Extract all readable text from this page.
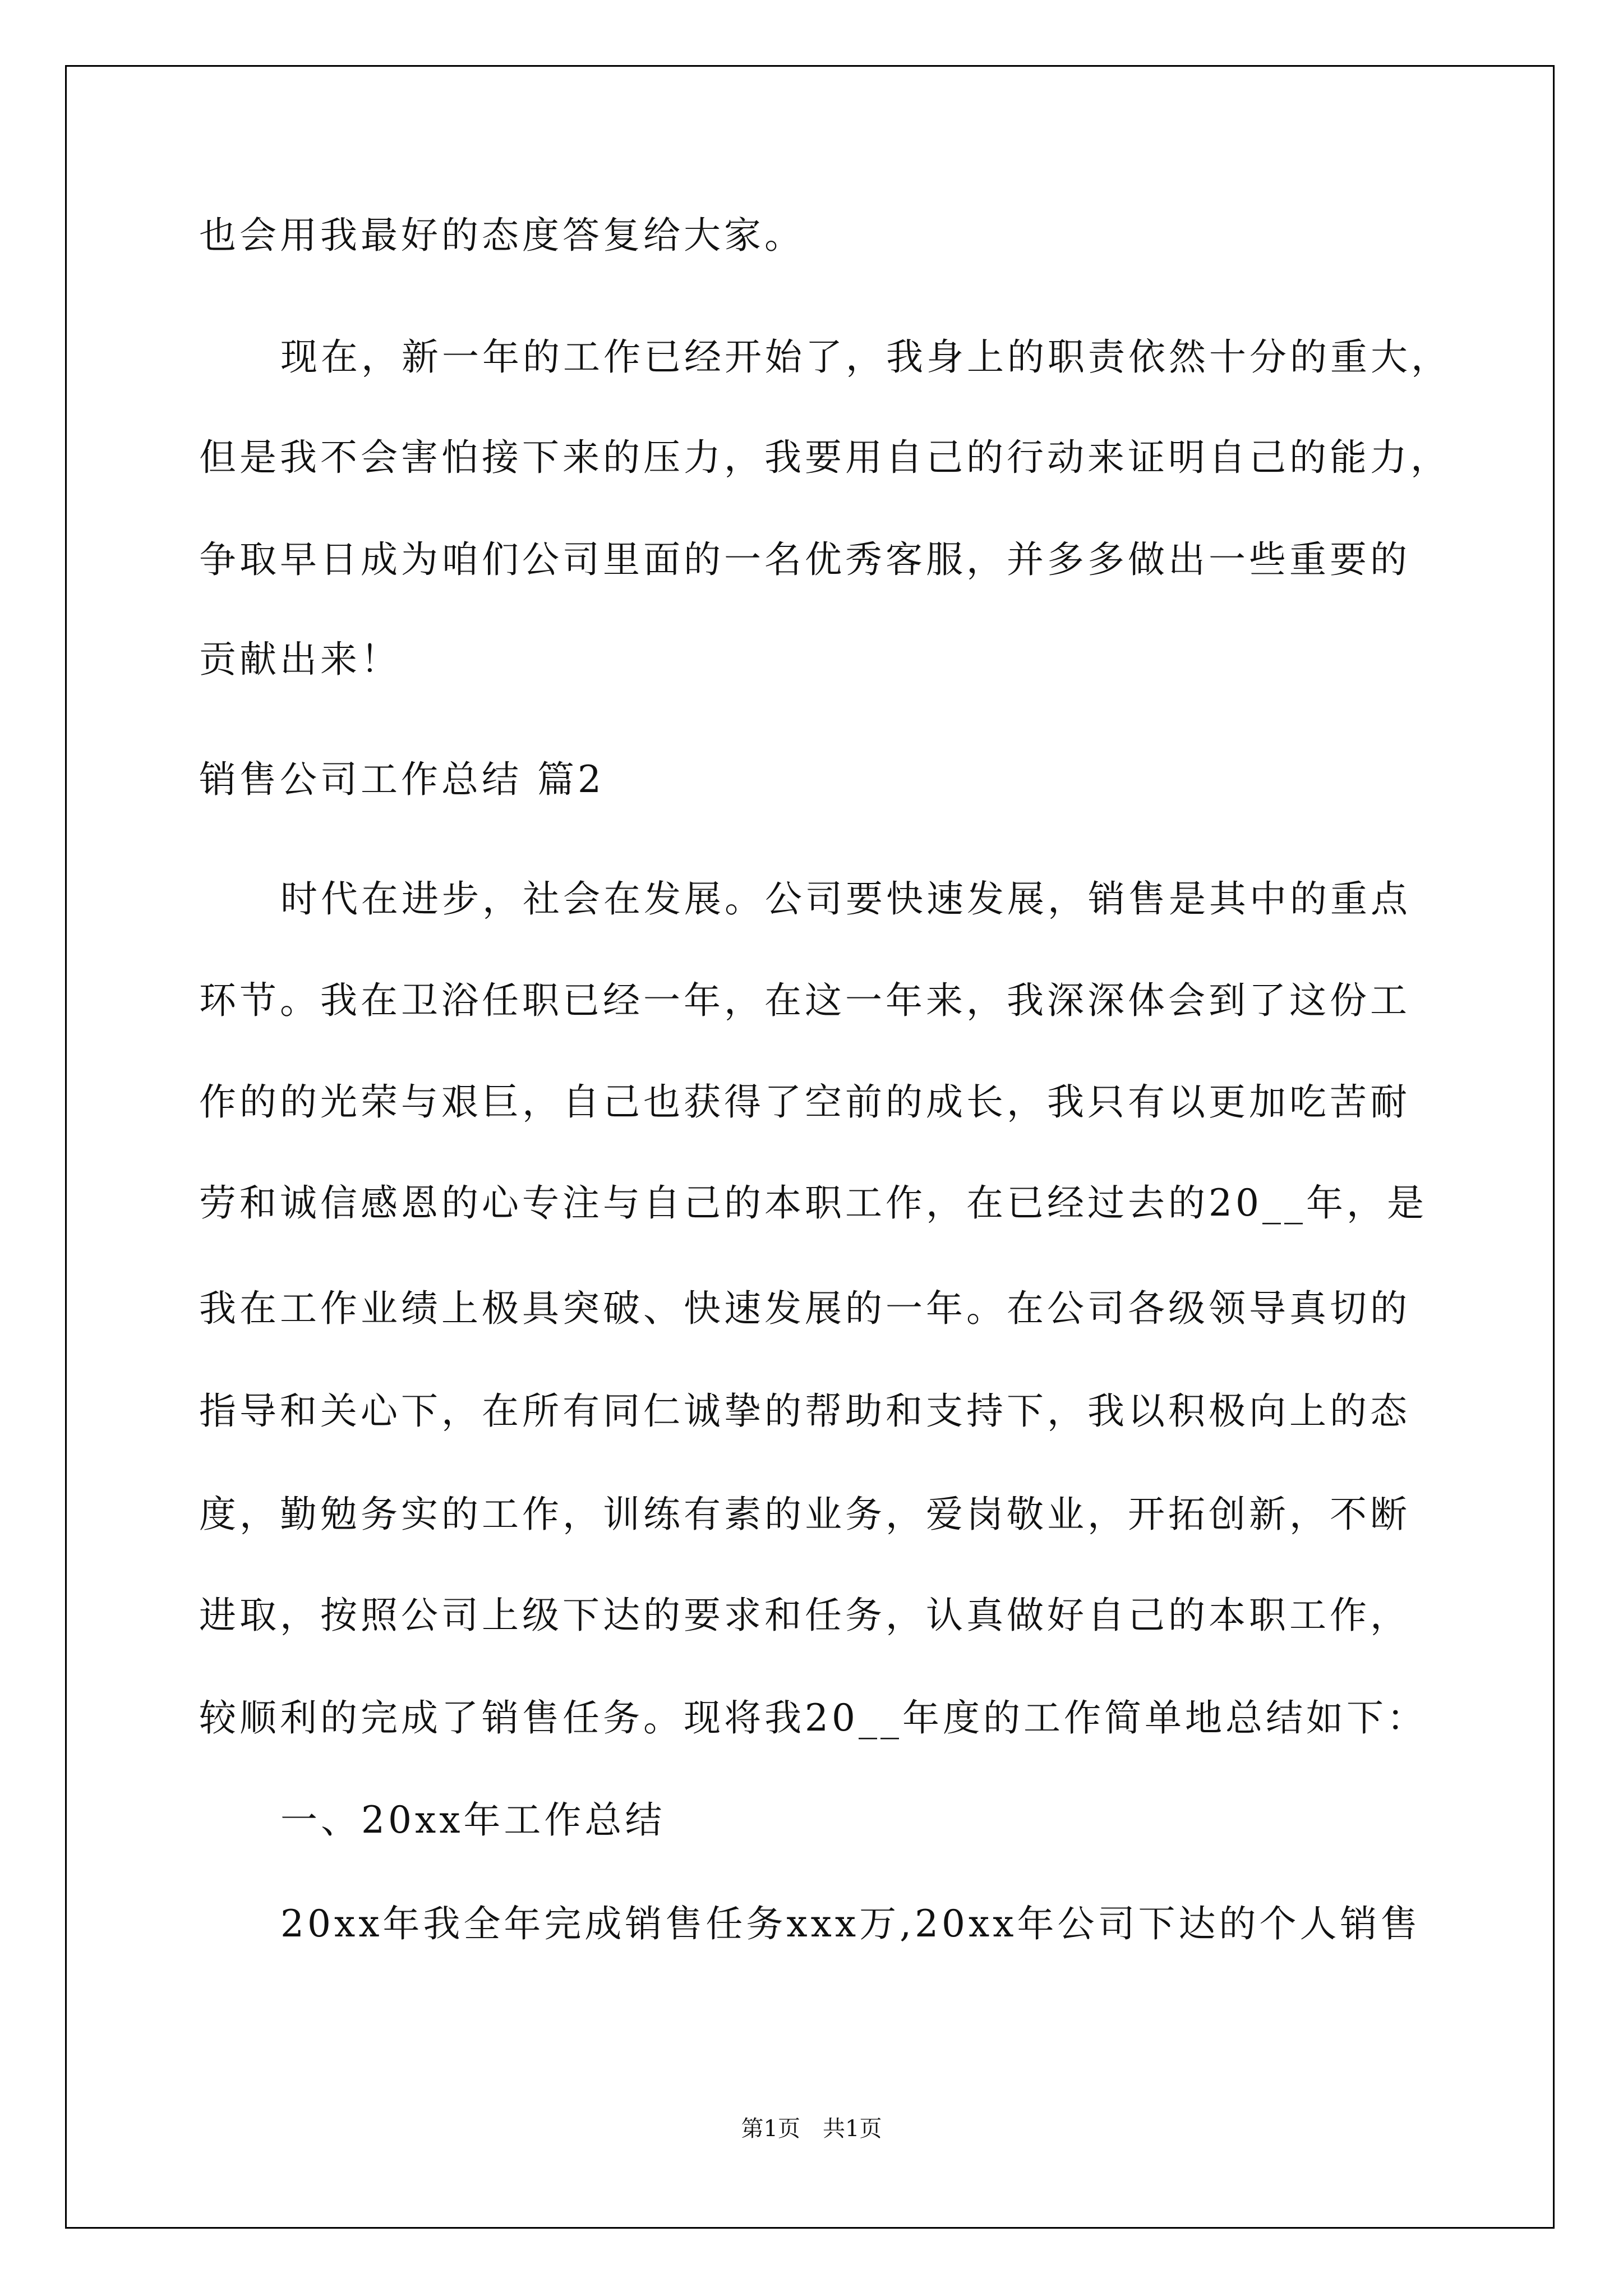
也会用我最好的态度答复给大家。
现在，新一年的工作已经开始了，我身上的职责依然十分的重大，
但是我不会害怕接下来的压力，我要用自己的行动来证明自己的能力，
争取早日成为咱们公司里面的一名优秀客服，并多多做出一些重要的
贡献出来！
销售公司工作总结 篇2
时代在进步，社会在发展。公司要快速发展，销售是其中的重点
环节。我在卫浴任职已经一年，在这一年来，我深深体会到了这份工
作的的光荣与艰巨，自己也获得了空前的成长，我只有以更加吃苦耐
劳和诚信感恩的心专注与自己的本职工作，在已经过去的20__年，是
我在工作业绩上极具突破、快速发展的一年。在公司各级领导真切的
指导和关心下，在所有同仁诚挚的帮助和支持下，我以积极向上的态
度，勤勉务实的工作，训练有素的业务，爱岗敬业，开拓创新，不断
进取，按照公司上级下达的要求和任务，认真做好自己的本职工作，
较顺利的完成了销售任务。现将我20__年度的工作简单地总结如下：
一、20xx年工作总结
20xx年我全年完成销售任务xxx万,20xx年公司下达的个人销售
第1页　共1页
